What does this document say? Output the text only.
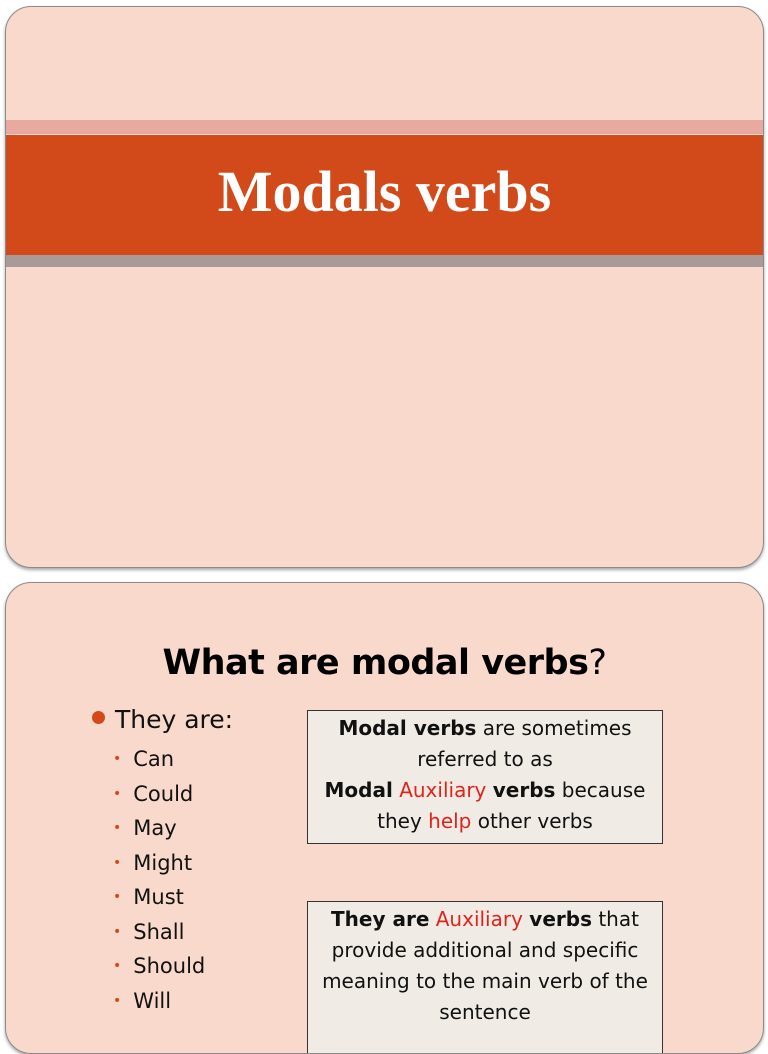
Modals verbs
What are modal verbs?
They are:
• Can
• Could
• May
• Might
• Must
• Shall
• Should
• Will
Modal verbs are sometimes
referred to as
Modal Auxiliary verbs because
they help other verbs
They are Auxiliary verbs that
provide additional and specific
meaning to the main verb of the
sentence
